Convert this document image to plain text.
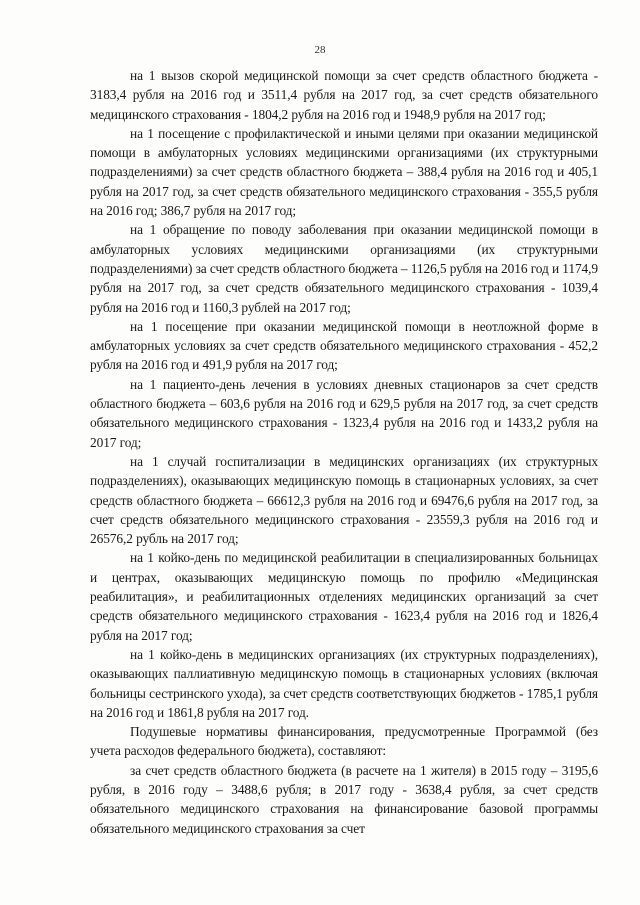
28

на 1 вызов скорой медицинской помощи за счет средств областного бюджета - 3183,4 рубля на 2016 год и 3511,4 рубля на 2017 год, за счет средств обязательного медицинского страхования - 1804,2 рубля на 2016 год и 1948,9 рубля на 2017 год;

на 1 посещение с профилактической и иными целями при оказании медицинской помощи в амбулаторных условиях медицинскими организациями (их структурными подразделениями) за счет средств областного бюджета – 388,4 рубля на 2016 год и 405,1 рубля на 2017 год, за счет средств обязательного медицинского страхования - 355,5 рубля на 2016 год; 386,7 рубля на 2017 год;

на 1 обращение по поводу заболевания при оказании медицинской помощи в амбулаторных условиях медицинскими организациями (их структурными подразделениями) за счет средств областного бюджета – 1126,5 рубля на 2016 год и 1174,9 рубля на 2017 год, за счет средств обязательного медицинского страхования - 1039,4 рубля на 2016 год и 1160,3 рублей на 2017 год;

на 1 посещение при оказании медицинской помощи в неотложной форме в амбулаторных условиях за счет средств обязательного медицинского страхования - 452,2 рубля на 2016 год и 491,9 рубля на 2017 год;

на 1 пациенто-день лечения в условиях дневных стационаров за счет средств областного бюджета – 603,6 рубля на 2016 год и 629,5 рубля на 2017 год, за счет средств обязательного медицинского страхования - 1323,4 рубля на 2016 год и 1433,2 рубля на 2017 год;

на 1 случай госпитализации в медицинских организациях (их структурных подразделениях), оказывающих медицинскую помощь в стационарных условиях, за счет средств областного бюджета – 66612,3 рубля на 2016 год и 69476,6 рубля на 2017 год, за счет средств обязательного медицинского страхования - 23559,3 рубля на 2016 год и 26576,2 рубль на 2017 год;

на 1 койко-день по медицинской реабилитации в специализированных больницах и центрах, оказывающих медицинскую помощь по профилю «Медицинская реабилитация», и реабилитационных отделениях медицинских организаций за счет средств обязательного медицинского страхования - 1623,4 рубля на 2016 год и 1826,4 рубля на 2017 год;

на 1 койко-день в медицинских организациях (их структурных подразделениях), оказывающих паллиативную медицинскую помощь в стационарных условиях (включая больницы сестринского ухода), за счет средств соответствующих бюджетов - 1785,1 рубля на 2016 год и 1861,8 рубля на 2017 год.

Подушевые нормативы финансирования, предусмотренные Программой (без учета расходов федерального бюджета), составляют:

за счет средств областного бюджета (в расчете на 1 жителя) в 2015 году – 3195,6 рубля, в 2016 году – 3488,6 рубля; в 2017 году - 3638,4 рубля, за счет средств обязательного медицинского страхования на финансирование базовой программы обязательного медицинского страхования за счет
